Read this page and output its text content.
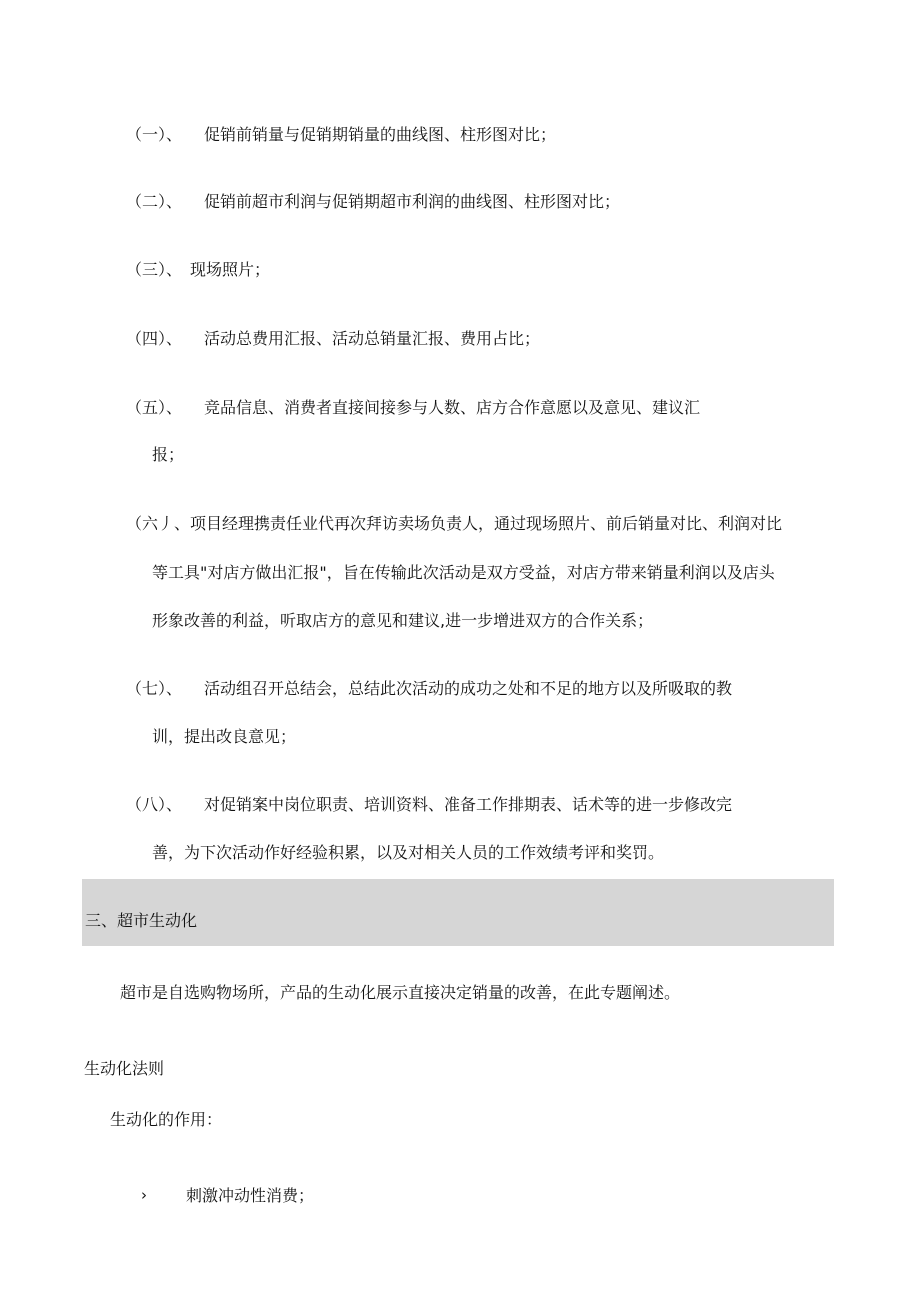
（一）、 促销前销量与促销期销量的曲线图、柱形图对比；
（二）、 促销前超市利润与促销期超市利润的曲线图、柱形图对比；
（三）、 现场照片；
（四）、 活动总费用汇报、活动总销量汇报、费用占比；
（五）、 竞品信息、消费者直接间接参与人数、店方合作意愿以及意见、建议汇
报；
（六丿、 项目经理携责任业代再次拜访卖场负责人，通过现场照片、前后销量对比、利润对比
等工具"对店方做出汇报"，旨在传输此次活动是双方受益，对店方带来销量利润以及店头
形象改善的利益，听取店方的意见和建议,进一步增进双方的合作关系；
（七）、 活动组召开总结会，总结此次活动的成功之处和不足的地方以及所吸取的教
训，提出改良意见；
（八）、 对促销案中岗位职责、培训资料、准备工作排期表、话术等的进一步修改完
善，为下次活动作好经验积累，以及对相关人员的工作效绩考评和奖罚。
三、超市生动化
超市是自选购物场所，产品的生动化展示直接决定销量的改善，在此专题阐述。
生动化法则
生动化的作用：
› 刺激冲动性消费；
